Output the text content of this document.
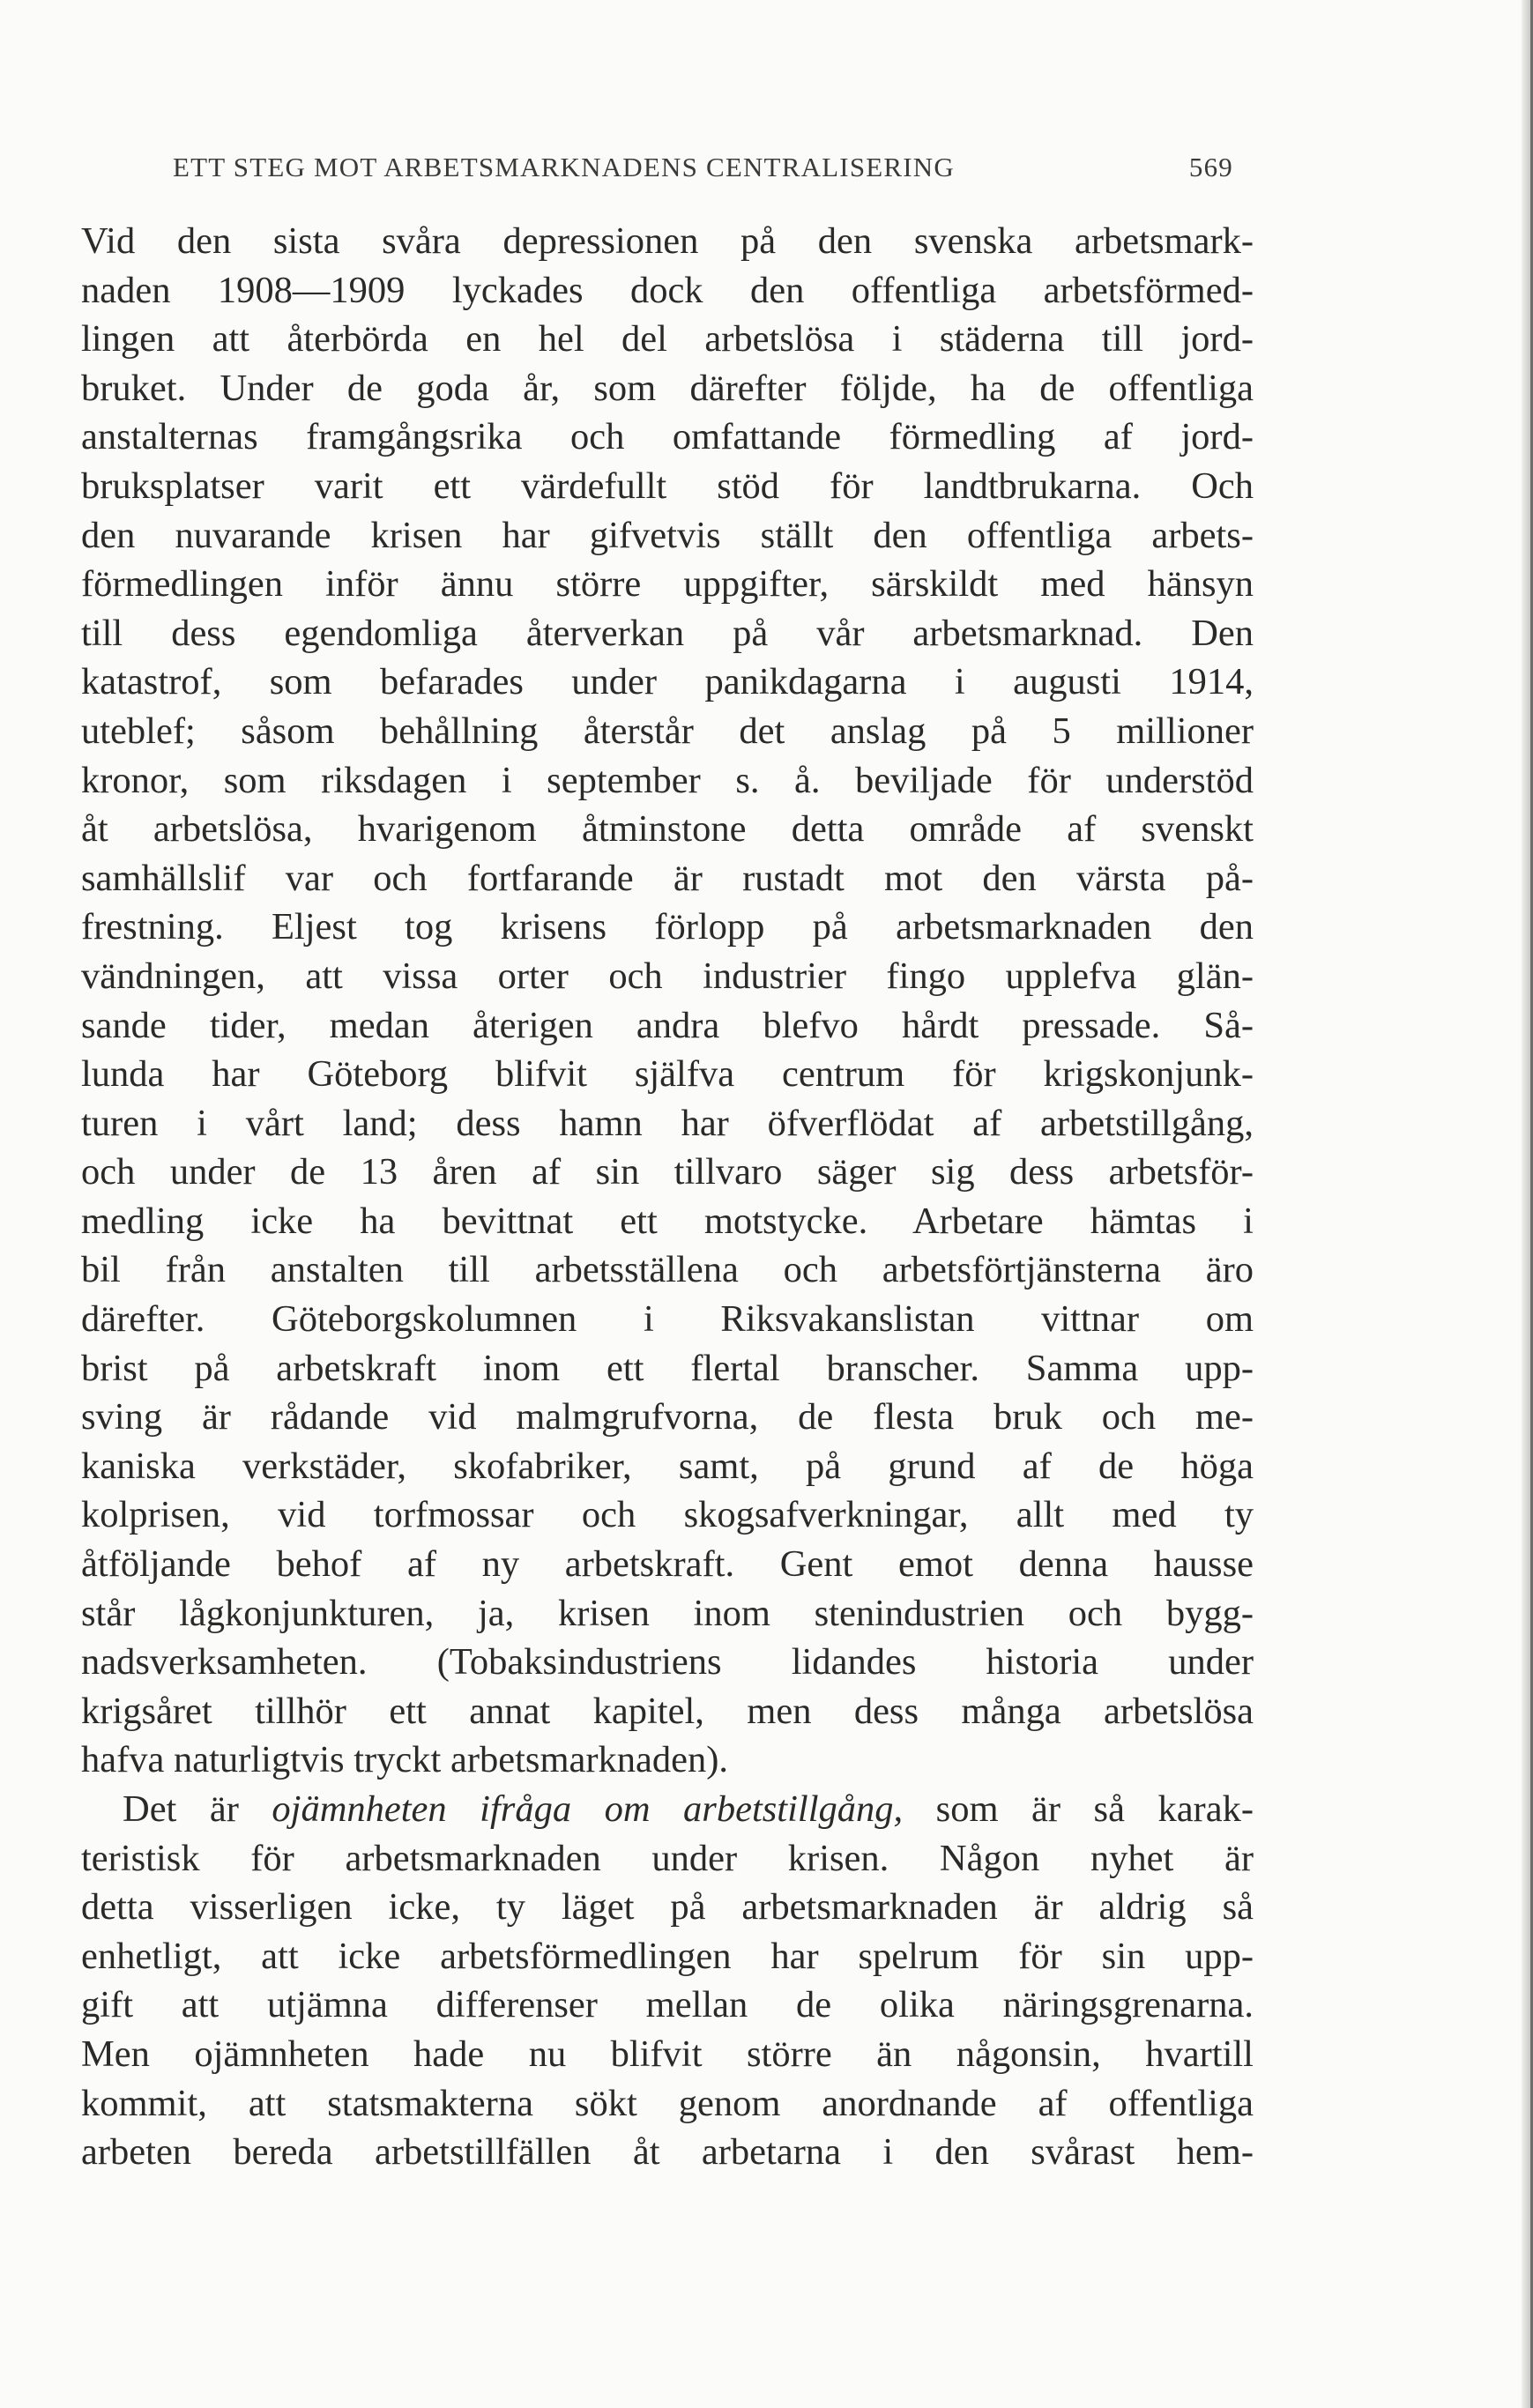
ETT STEG MOT ARBETSMARKNADENS CENTRALISERING	569
Vid den sista svåra depressionen på den svenska arbetsmark-
naden 1908—1909 lyckades dock den offentliga arbetsförmed-
lingen att återbörda en hel del arbetslösa i städerna till jord-
bruket. Under de goda år, som därefter följde, ha de offentliga
anstalternas framgångsrika och omfattande förmedling af jord-
bruksplatser varit ett värdefullt stöd för landtbrukarna. Och
den nuvarande krisen har gifvetvis ställt den offentliga arbets-
förmedlingen inför ännu större uppgifter, särskildt med hänsyn
till dess egendomliga återverkan på vår arbetsmarknad. Den
katastrof, som befarades under panikdagarna i augusti 1914,
uteblef; såsom behållning återstår det anslag på 5 millioner
kronor, som riksdagen i september s. å. beviljade för understöd
åt arbetslösa, hvarigenom åtminstone detta område af svenskt
samhällslif var och fortfarande är rustadt mot den värsta på-
frestning. Eljest tog krisens förlopp på arbetsmarknaden den
vändningen, att vissa orter och industrier fingo upplefva glän-
sande tider, medan återigen andra blefvo hårdt pressade. Så-
lunda har Göteborg blifvit själfva centrum för krigskonjunk-
turen i vårt land; dess hamn har öfverflödat af arbetstillgång,
och under de 13 åren af sin tillvaro säger sig dess arbetsför-
medling icke ha bevittnat ett motstycke. Arbetare hämtas i
bil från anstalten till arbetsställena och arbetsförtjänsterna äro
därefter. Göteborgskolumnen i Riksvakanslistan vittnar om
brist på arbetskraft inom ett flertal branscher. Samma upp-
sving är rådande vid malmgrufvorna, de flesta bruk och me-
kaniska verkstäder, skofabriker, samt, på grund af de höga
kolprisen, vid torfmossar och skogsafverkningar, allt med ty
åtföljande behof af ny arbetskraft. Gent emot denna hausse
står lågkonjunkturen, ja, krisen inom stenindustrien och bygg-
nadsverksamheten. (Tobaksindustriens lidandes historia under
krigsåret tillhör ett annat kapitel, men dess många arbetslösa
hafva naturligtvis tryckt arbetsmarknaden).
Det är ojämnheten ifråga om arbetstillgång, som är så karak-
teristisk för arbetsmarknaden under krisen. Någon nyhet är
detta visserligen icke, ty läget på arbetsmarknaden är aldrig så
enhetligt, att icke arbetsförmedlingen har spelrum för sin upp-
gift att utjämna differenser mellan de olika näringsgrenarna.
Men ojämnheten hade nu blifvit större än någonsin, hvartill
kommit, att statsmakterna sökt genom anordnande af offentliga
arbeten bereda arbetstillfällen åt arbetarna i den svårast hem-
